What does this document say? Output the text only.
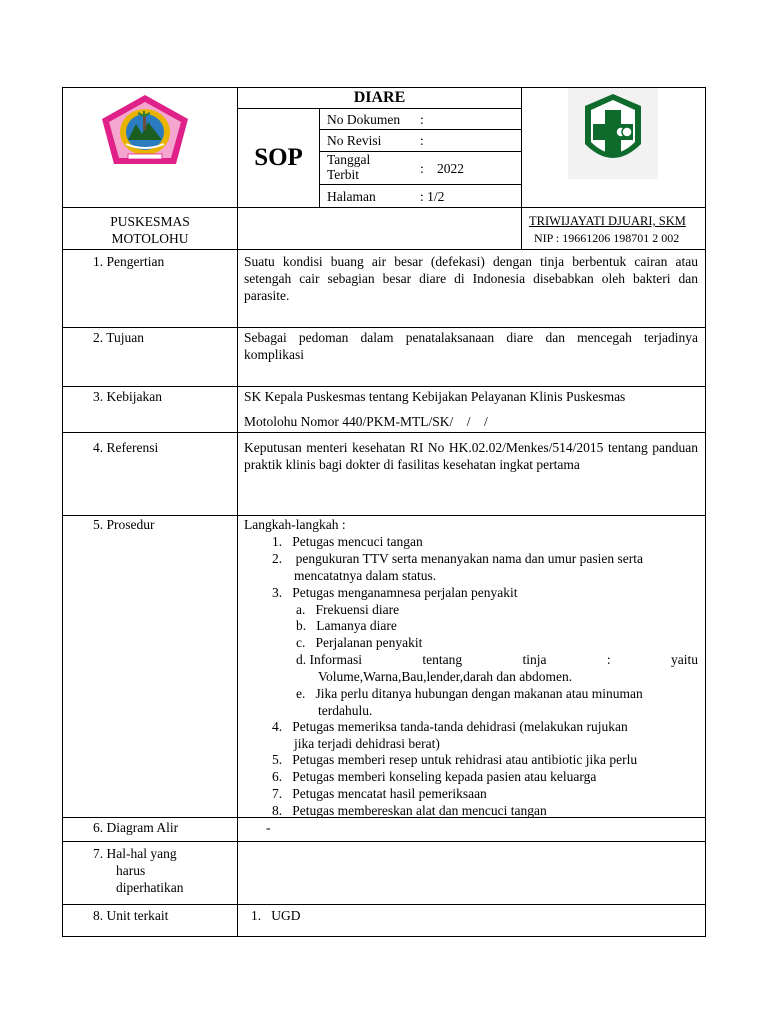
DIARE
SOP
No Dokumen :
No Revisi	:
Tanggal
Terbit	: 2022
Halaman	: 1/2
PUSKESMAS
MOTOLOHU
TRIWIJAYATI DJUARI, SKM
NIP : 19661206 198701 2 002
1. Pengertian	Suatu kondisi buang air besar (defekasi) dengan tinja berbentuk cairan atau setengah cair sebagian besar diare di Indonesia disebabkan oleh bakteri dan parasite.
2. Tujuan	Sebagai pedoman dalam penatalaksanaan diare dan mencegah terjadinya komplikasi
3. Kebijakan	SK Kepala Puskesmas tentang Kebijakan Pelayanan Klinis Puskesmas
Motolohu Nomor 440/PKM-MTL/SK/    /    /
4. Referensi	Keputusan menteri kesehatan RI No HK.02.02/Menkes/514/2015 tentang panduan praktik klinis bagi dokter di fasilitas kesehatan ingkat pertama
5. Prosedur	Langkah-langkah :
1.   Petugas mencuci tangan
2.    pengukuran TTV serta menanyakan nama dan umur pasien serta
mencatatnya dalam status.
3.   Petugas menganamnesa perjalan penyakit
a.   Frekuensi diare
b.   Lamanya diare
c.   Perjalanan penyakit
d. Informasi	tentang	tinja	:	yaitu
Volume,Warna,Bau,lender,darah dan abdomen.
e.   Jika perlu ditanya hubungan dengan makanan atau minuman
terdahulu.
4.   Petugas memeriksa tanda-tanda dehidrasi (melakukan rujukan
jika terjadi dehidrasi berat)
5.   Petugas memberi resep untuk rehidrasi atau antibiotic jika perlu
6.   Petugas memberi konseling kepada pasien atau keluarga
7.   Petugas mencatat hasil pemeriksaan
8.   Petugas membereskan alat dan mencuci tangan
6. Diagram Alir	-
7. Hal-hal yang
harus
diperhatikan
8. Unit terkait	1.   UGD
